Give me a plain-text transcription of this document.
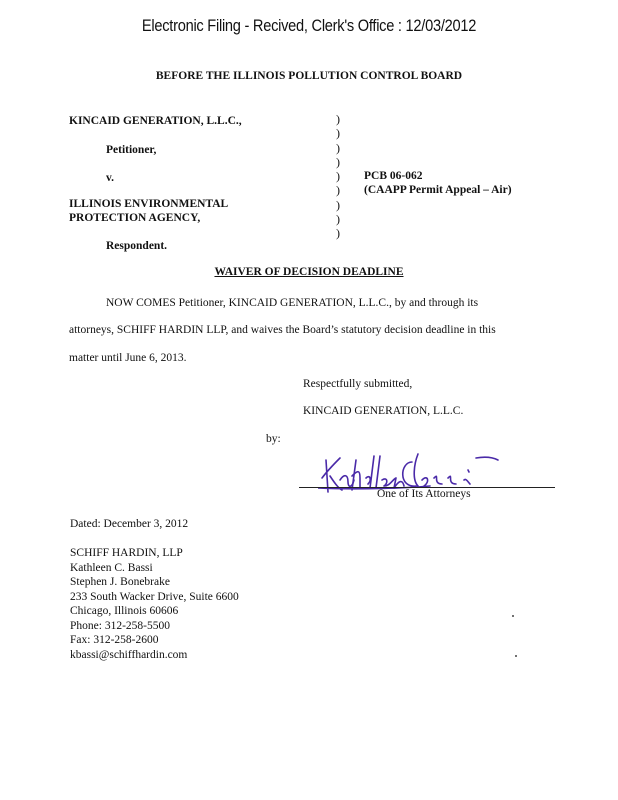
Electronic Filing - Recived, Clerk's Office : 12/03/2012
BEFORE THE ILLINOIS POLLUTION CONTROL BOARD
KINCAID GENERATION, L.L.C.,
Petitioner,
v.
ILLINOIS ENVIRONMENTAL
PROTECTION AGENCY,
Respondent.
)
)
)
)
)
)
)
)
)
PCB 06-062
(CAAPP Permit Appeal – Air)
WAIVER OF DECISION DEADLINE
NOW COMES Petitioner, KINCAID GENERATION, L.L.C., by and through its
attorneys, SCHIFF HARDIN LLP, and waives the Board’s statutory decision deadline in this
matter until June 6, 2013.
Respectfully submitted,
KINCAID GENERATION, L.L.C.
by:
One of Its Attorneys
Dated: December 3, 2012
SCHIFF HARDIN, LLP
Kathleen C. Bassi
Stephen J. Bonebrake
233 South Wacker Drive, Suite 6600
Chicago, Illinois 60606
Phone: 312-258-5500
Fax: 312-258-2600
kbassi@schiffhardin.com
